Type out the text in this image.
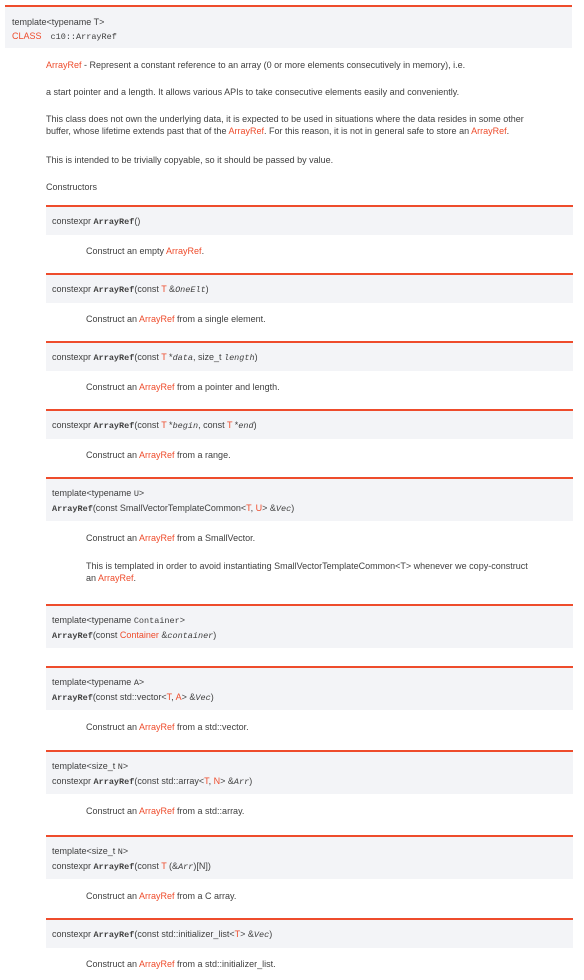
template<typename T>
CLASS c10::ArrayRef
ArrayRef - Represent a constant reference to an array (0 or more elements consecutively in memory), i.e.
a start pointer and a length. It allows various APIs to take consecutive elements easily and conveniently.
This class does not own the underlying data, it is expected to be used in situations where the data resides in some other
buffer, whose lifetime extends past that of the ArrayRef. For this reason, it is not in general safe to store an ArrayRef.
This is intended to be trivially copyable, so it should be passed by value.
Constructors
constexpr ArrayRef()
Construct an empty ArrayRef.
constexpr ArrayRef(const T &OneElt)
Construct an ArrayRef from a single element.
constexpr ArrayRef(const T *data, size_t length)
Construct an ArrayRef from a pointer and length.
constexpr ArrayRef(const T *begin, const T *end)
Construct an ArrayRef from a range.
template<typename U>
ArrayRef(const SmallVectorTemplateCommon<T, U> &Vec)
Construct an ArrayRef from a SmallVector.
This is templated in order to avoid instantiating SmallVectorTemplateCommon<T> whenever we copy-construct
an ArrayRef.
template<typename Container>
ArrayRef(const Container &container)
template<typename A>
ArrayRef(const std::vector<T, A> &Vec)
Construct an ArrayRef from a std::vector.
template<size_t N>
constexpr ArrayRef(const std::array<T, N> &Arr)
Construct an ArrayRef from a std::array.
template<size_t N>
constexpr ArrayRef(const T (&Arr)[N])
Construct an ArrayRef from a C array.
constexpr ArrayRef(const std::initializer_list<T> &Vec)
Construct an ArrayRef from a std::initializer_list.
